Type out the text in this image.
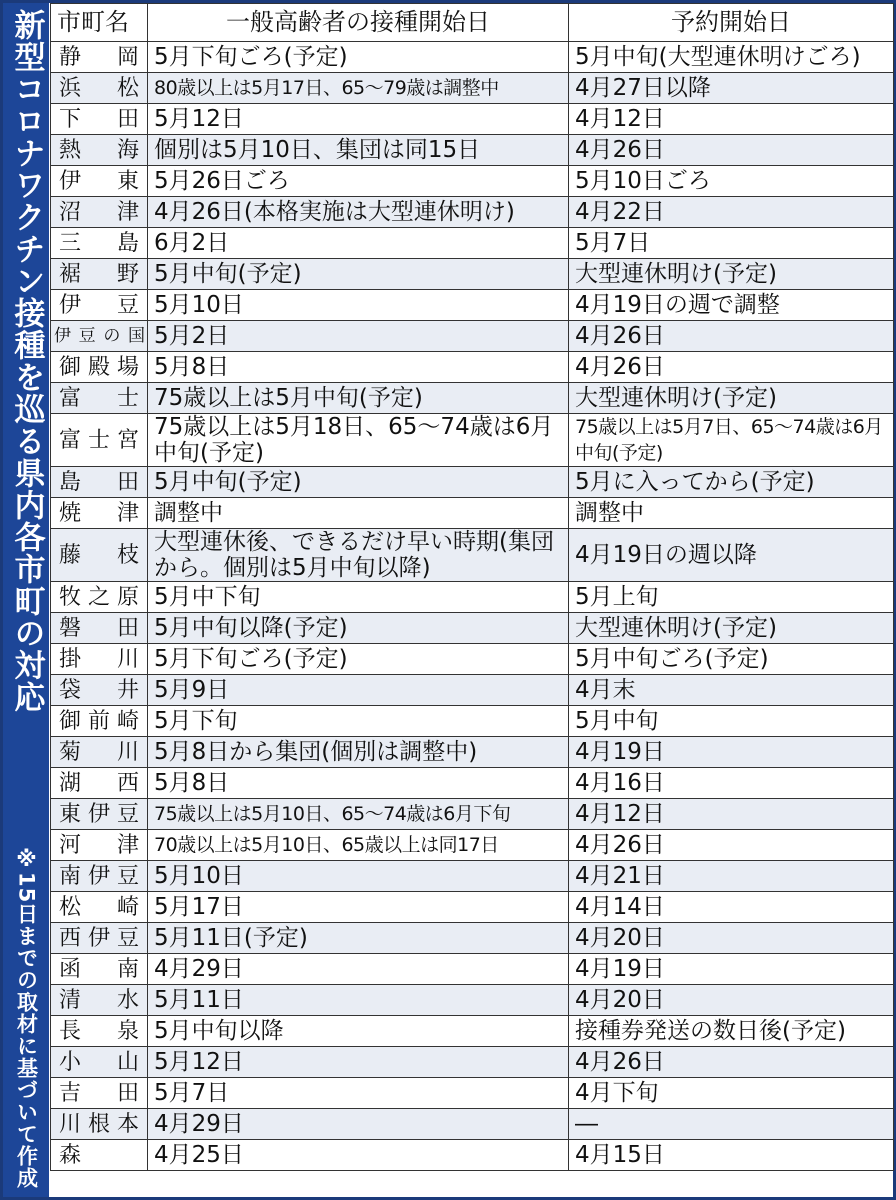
新型コロナワクチン接種を巡る県内各市町の対応
※15日までの取材に基づいて作成
市町名	一般高齢者の接種開始日	予約開始日
静岡	5月下旬ごろ(予定)	5月中旬(大型連休明けごろ)
浜松	80歳以上は5月17日、65～79歳は調整中	4月27日以降
下田	5月12日	4月12日
熱海	個別は5月10日、集団は同15日	4月26日
伊東	5月26日ごろ	5月10日ごろ
沼津	4月26日(本格実施は大型連休明け)	4月22日
三島	6月2日	5月7日
裾野	5月中旬(予定)	大型連休明け(予定)
伊豆	5月10日	4月19日の週で調整
伊豆の国	5月2日	4月26日
御殿場	5月8日	4月26日
富士	75歳以上は5月中旬(予定)	大型連休明け(予定)
富士宮	75歳以上は5月18日、65～74歳は6月中旬(予定)	75歳以上は5月7日、65～74歳は6月中旬(予定)
島田	5月中旬(予定)	5月に入ってから(予定)
焼津	調整中	調整中
藤枝	大型連休後、できるだけ早い時期(集団から。個別は5月中旬以降)	4月19日の週以降
牧之原	5月中下旬	5月上旬
磐田	5月中旬以降(予定)	大型連休明け(予定)
掛川	5月下旬ごろ(予定)	5月中旬ごろ(予定)
袋井	5月9日	4月末
御前崎	5月下旬	5月中旬
菊川	5月8日から集団(個別は調整中)	4月19日
湖西	5月8日	4月16日
東伊豆	75歳以上は5月10日、65～74歳は6月下旬	4月12日
河津	70歳以上は5月10日、65歳以上は同17日	4月26日
南伊豆	5月10日	4月21日
松崎	5月17日	4月14日
西伊豆	5月11日(予定)	4月20日
函南	4月29日	4月19日
清水	5月11日	4月20日
長泉	5月中旬以降	接種券発送の数日後(予定)
小山	5月12日	4月26日
吉田	5月7日	4月下旬
川根本	4月29日	―
森	4月25日	4月15日
